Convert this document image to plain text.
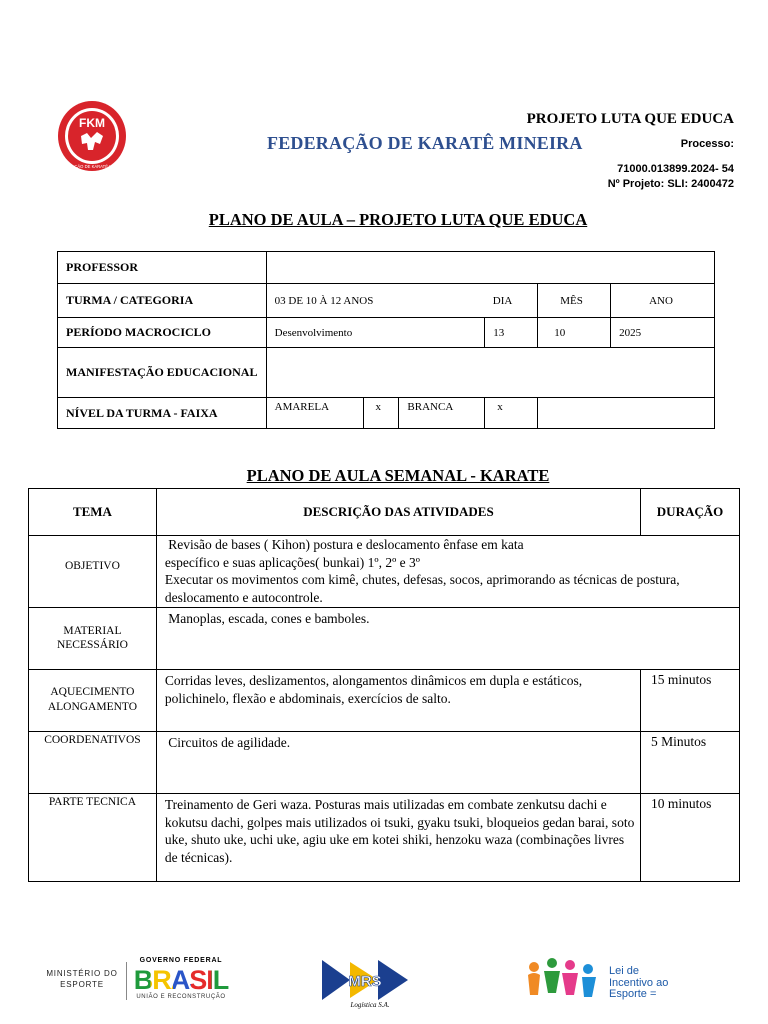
FKM
FEDERAÇÃO DE KARATÊ MINEIRA
PROJETO LUTA QUE EDUCA
FEDERAÇÃO DE KARATÊ MINEIRA	Processo:
71000.013899.2024- 54
Nº Projeto: SLI: 2400472
PLANO DE AULA – PROJETO LUTA QUE EDUCA
PROFESSOR						
TURMA / CATEGORIA	03 DE 10 À 12 ANOS			DIA	MÊS	ANO
PERÍODO MACROCICLO	Desenvolvimento			13	10	2025
MANIFESTAÇÃO EDUCACIONAL						
NÍVEL DA TURMA - FAIXA	AMARELA	x	BRANCA	x		
PLANO DE AULA SEMANAL - KARATE
TEMA	DESCRIÇÃO DAS ATIVIDADES	DURAÇÃO
OBJETIVO	Revisão de bases ( Kihon) postura e deslocamento ênfase em kata
específico e suas aplicações( bunkai) 1º, 2º e 3º
Executar os movimentos com kimê, chutes, defesas, socos, aprimorando as técnicas de postura, deslocamento e autocontrole.	

MATERIAL NECESSÁRIO	Manoplas, escada, cones e bamboles.	
AQUECIMENTO ALONGAMENTO	Corridas leves, deslizamentos, alongamentos dinâmicos em dupla e estáticos, polichinelo, flexão e abdominais, exercícios de salto.	15 minutos
COORDENATIVOS	Circuitos de agilidade.	5 Minutos
PARTE TECNICA	Treinamento de Geri waza. Posturas mais utilizadas em combate zenkutsu dachi e kokutsu dachi, golpes mais utilizados oi tsuki, gyaku tsuki, bloqueios gedan barai, soto uke, shuto uke, uchi uke, agiu uke em kotei shiki, henzoku waza (combinações livres de técnicas).	10 minutos
MINISTÉRIO DO ESPORTE
GOVERNO FEDERAL
BRASIL
UNIÃO E RECONSTRUÇÃO
MRS
Logística S.A.
Lei de
Incentivo ao
Esporte =
